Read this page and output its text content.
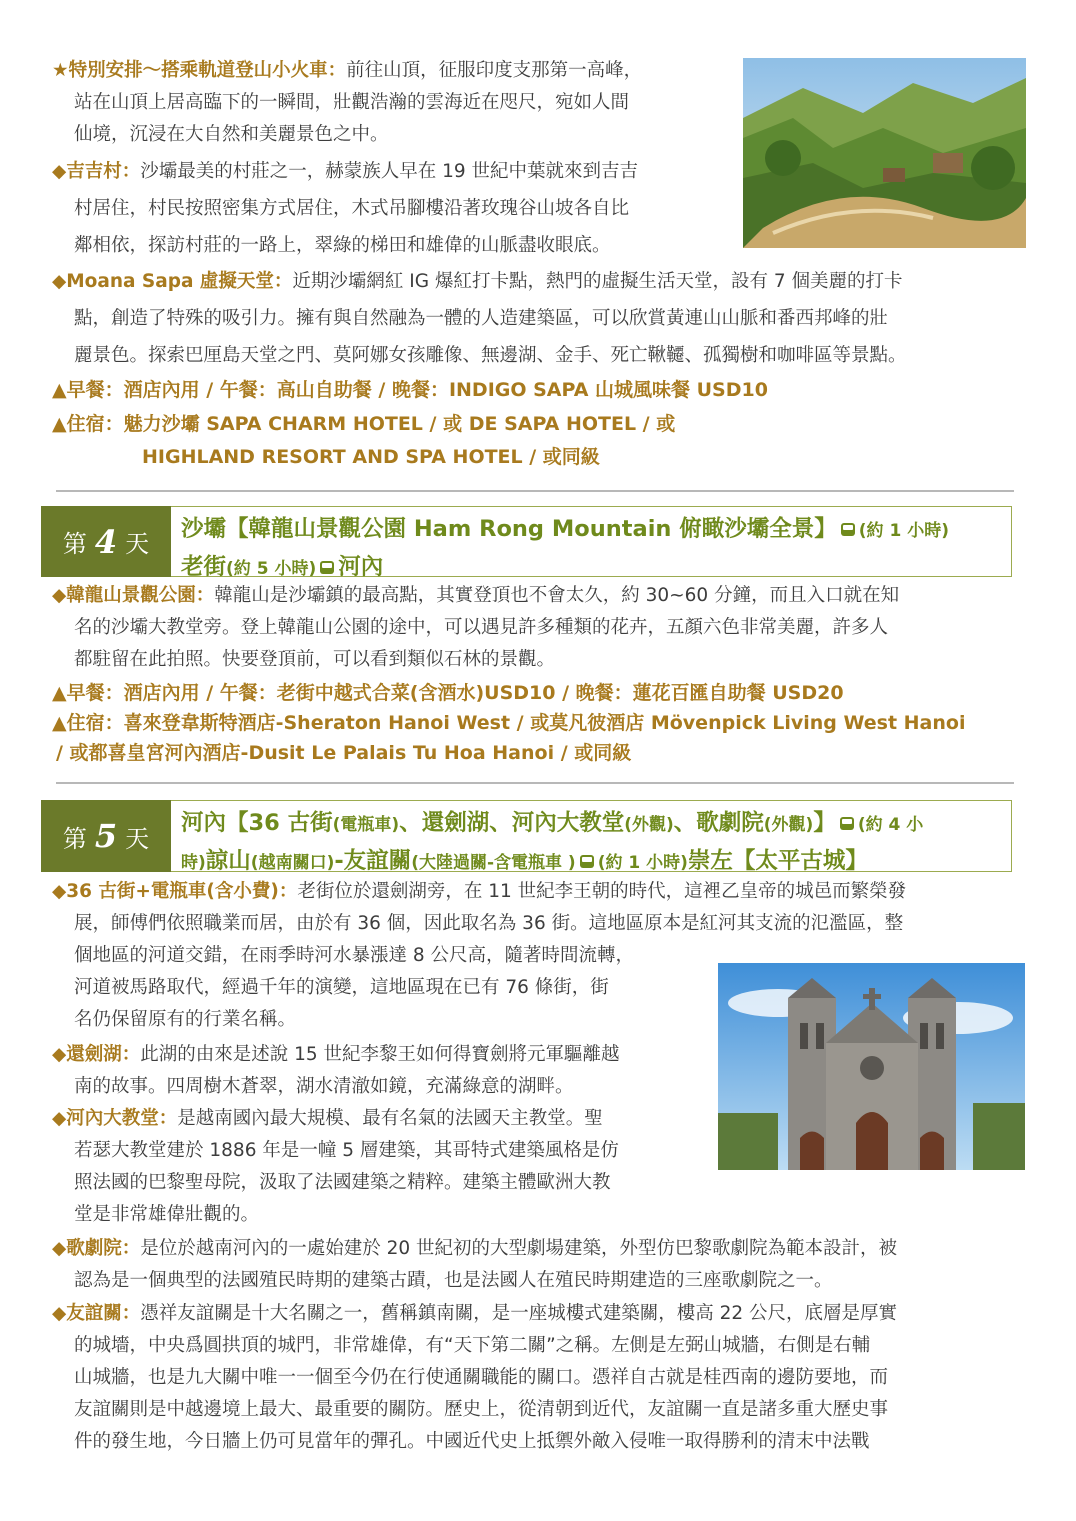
★特別安排～搭乘軌道登山小火車：前往山頂，征服印度支那第一高峰，
站在山頂上居高臨下的一瞬間，壯觀浩瀚的雲海近在咫尺，宛如人間
仙境，沉浸在大自然和美麗景色之中。
◆吉吉村：沙壩最美的村莊之一，赫蒙族人早在 19 世紀中葉就來到吉吉
村居住，村民按照密集方式居住，木式吊腳樓沿著玫瑰谷山坡各自比
鄰相依，探訪村莊的一路上，翠綠的梯田和雄偉的山脈盡收眼底。
◆Moana Sapa 虛擬天堂：近期沙壩網紅 IG 爆紅打卡點，熱門的虛擬生活天堂，設有 7 個美麗的打卡
點，創造了特殊的吸引力。擁有與自然融為一體的人造建築區，可以欣賞黃連山山脈和番西邦峰的壯
麗景色。探索巴厘島天堂之門、莫阿娜女孩雕像、無邊湖、金手、死亡鞦韆、孤獨樹和咖啡區等景點。
▲早餐：酒店內用 / 午餐：高山自助餐 / 晚餐：INDIGO SAPA 山城風味餐 USD10
▲住宿：魅力沙壩 SAPA CHARM HOTEL / 或 DE SAPA HOTEL / 或
HIGHLAND RESORT AND SPA HOTEL / 或同級
第 4 天
沙壩【韓龍山景觀公園 Ham Rong Mountain 俯瞰沙壩全景】 (約 1 小時)
老街(約 5 小時) 河內
◆韓龍山景觀公園：韓龍山是沙壩鎮的最高點，其實登頂也不會太久，約 30~60 分鐘，而且入口就在知
名的沙壩大教堂旁。登上韓龍山公園的途中，可以遇見許多種類的花卉，五顏六色非常美麗，許多人
都駐留在此拍照。快要登頂前，可以看到類似石林的景觀。
▲早餐：酒店內用 / 午餐：老街中越式合菜(含酒水)USD10 / 晚餐：蓮花百匯自助餐 USD20
▲住宿：喜來登韋斯特酒店-Sheraton Hanoi West / 或莫凡彼酒店 Mövenpick Living West Hanoi
/ 或都喜皇宮河內酒店-Dusit Le Palais Tu Hoa Hanoi / 或同級
第 5 天
河內【36 古街(電瓶車)、還劍湖、河內大教堂(外觀)、歌劇院(外觀)】 (約 4 小
時)諒山(越南關口)-友誼關(大陸過關-含電瓶車 ) (約 1 小時)崇左【太平古城】
◆36 古街+電瓶車(含小費)：老街位於還劍湖旁，在 11 世紀李王朝的時代，這裡乙皇帝的城邑而繁榮發
展，師傅們依照職業而居，由於有 36 個，因此取名為 36 街。這地區原本是紅河其支流的氾濫區，整
個地區的河道交錯，在雨季時河水暴漲達 8 公尺高，隨著時間流轉，
河道被馬路取代，經過千年的演變，這地區現在已有 76 條街，街
名仍保留原有的行業名稱。
◆還劍湖：此湖的由來是述說 15 世紀李黎王如何得寶劍將元軍驅離越
南的故事。四周樹木蒼翠，湖水清澈如鏡，充滿綠意的湖畔。
◆河內大教堂：是越南國內最大規模、最有名氣的法國天主教堂。聖
若瑟大教堂建於 1886 年是一幢 5 層建築，其哥特式建築風格是仿
照法國的巴黎聖母院，汲取了法國建築之精粹。建築主體歐洲大教
堂是非常雄偉壯觀的。
◆歌劇院：是位於越南河內的一處始建於 20 世紀初的大型劇場建築，外型仿巴黎歌劇院為範本設計，被
認為是一個典型的法國殖民時期的建築古蹟，也是法國人在殖民時期建造的三座歌劇院之一。
◆友誼關：憑祥友誼關是十大名關之一，舊稱鎮南關，是一座城樓式建築關，樓高 22 公尺，底層是厚實
的城墻，中央爲圓拱頂的城門，非常雄偉，有“天下第二關”之稱。左側是左弼山城牆，右側是右輔
山城牆，也是九大關中唯一一個至今仍在行使通關職能的關口。憑祥自古就是桂西南的邊防要地，而
友誼關則是中越邊境上最大、最重要的關防。歷史上，從清朝到近代，友誼關一直是諸多重大歷史事
件的發生地，今日牆上仍可見當年的彈孔。中國近代史上抵禦外敵入侵唯一取得勝利的清末中法戰
